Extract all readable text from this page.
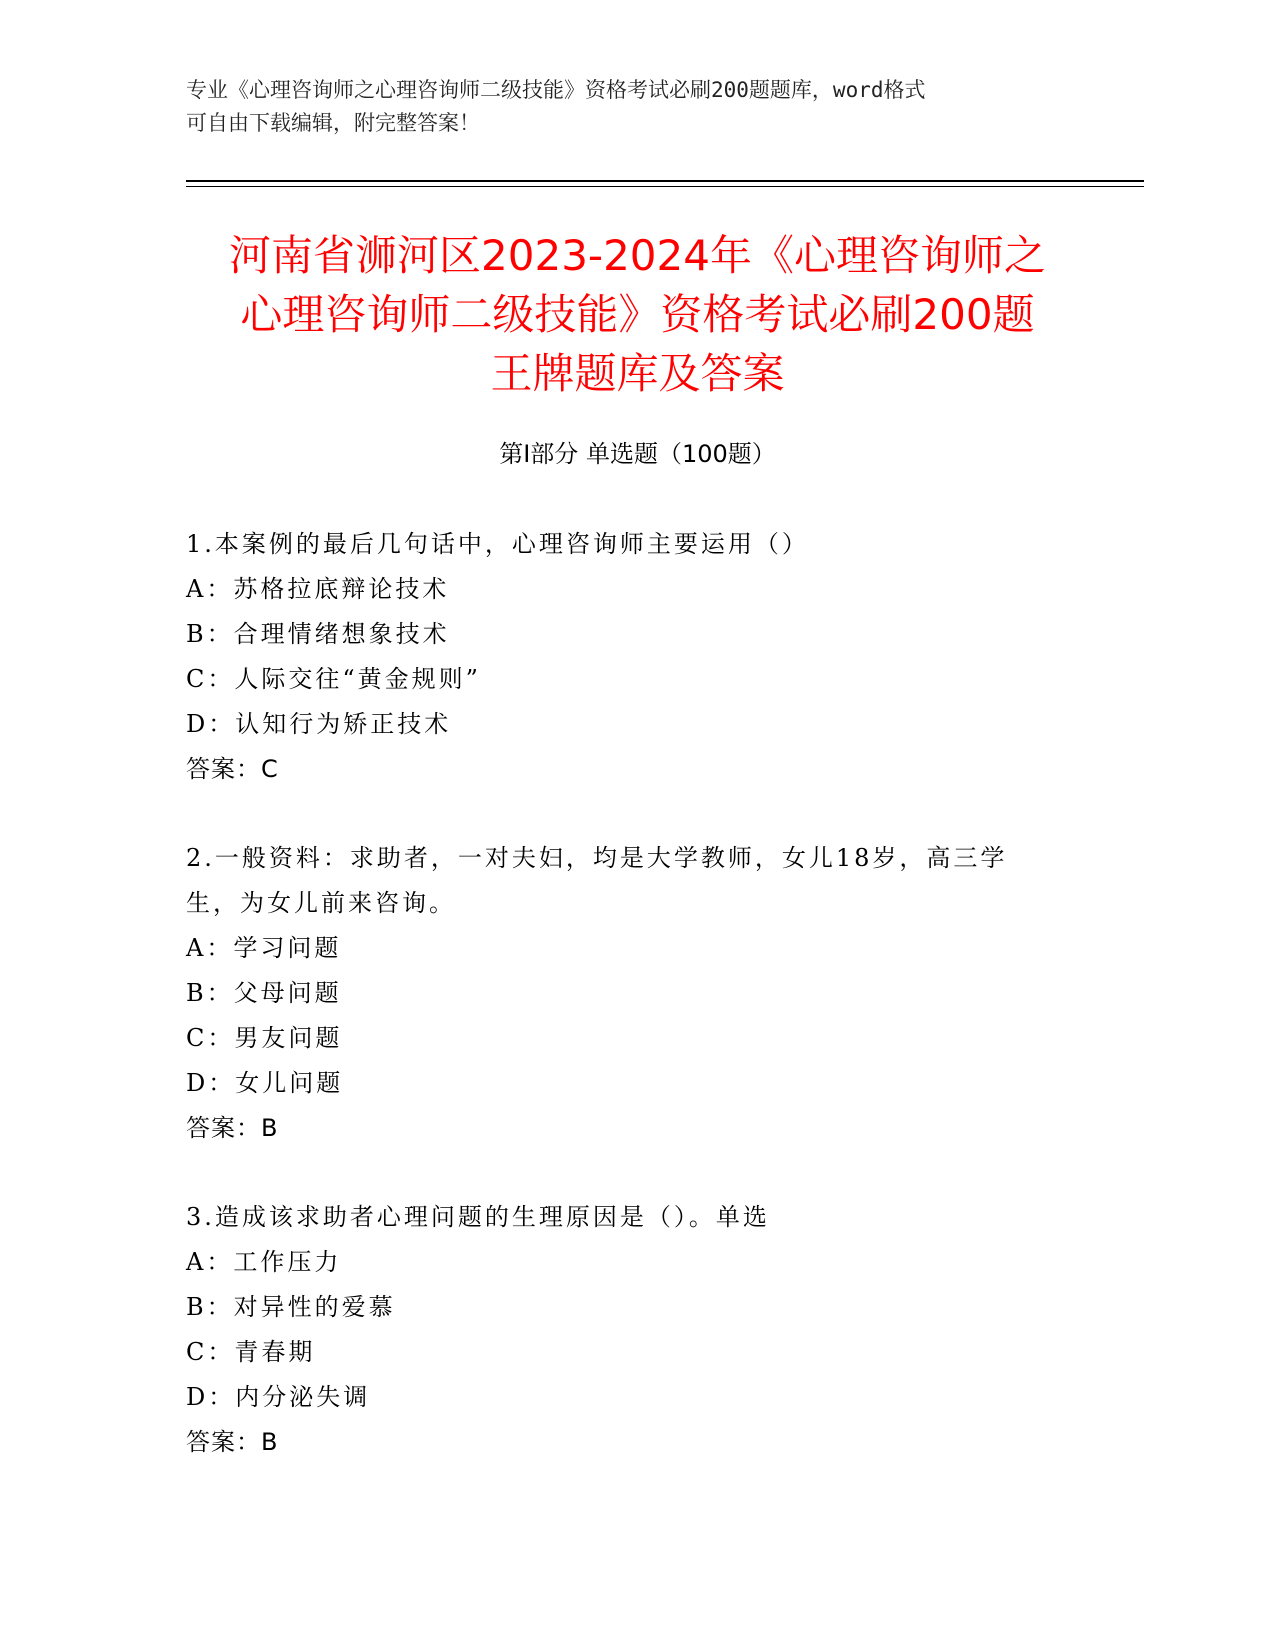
专业《心理咨询师之心理咨询师二级技能》资格考试必刷200题题库，word格式
可自由下载编辑，附完整答案！
河南省浉河区2023-2024年《心理咨询师之
心理咨询师二级技能》资格考试必刷200题
王牌题库及答案
第Ⅰ部分 单选题（100题）
1.本案例的最后几句话中，心理咨询师主要运用（）
A：苏格拉底辩论技术
B：合理情绪想象技术
C：人际交往“黄金规则”
D：认知行为矫正技术
答案：C
2.一般资料：求助者，一对夫妇，均是大学教师，女儿18岁，高三学
生，为女儿前来咨询。
A：学习问题
B：父母问题
C：男友问题
D：女儿问题
答案：B
3.造成该求助者心理问题的生理原因是（）。单选
A：工作压力
B：对异性的爱慕
C：青春期
D：内分泌失调
答案：B
